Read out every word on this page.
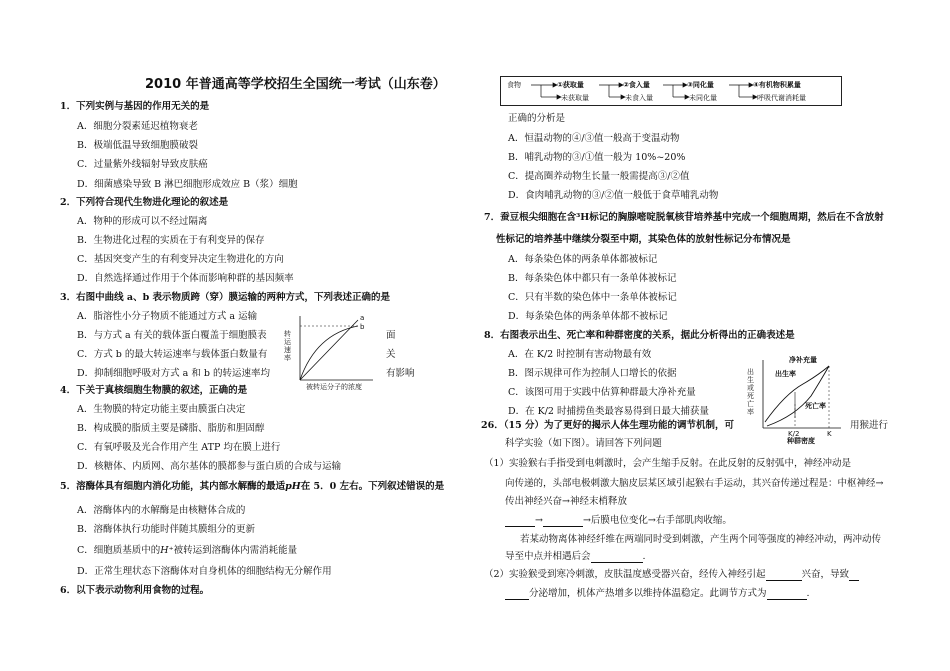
2010 年普通高等学校招生全国统一考试（山东卷）
1．下列实例与基因的作用无关的是
A．细胞分裂素延迟植物衰老
B．极端低温导致细胞膜破裂
C．过量紫外线辐射导致皮肤癌
D．细菌感染导致 B 淋巴细胞形成效应 B（浆）细胞
2．下列符合现代生物进化理论的叙述是
A．物种的形成可以不经过隔离
B．生物进化过程的实质在于有利变异的保存
C．基因突变产生的有利变异决定生物进化的方向
D．自然选择通过作用于个体而影响种群的基因频率
3．右图中曲线 a、b 表示物质跨（穿）膜运输的两种方式，下列表述正确的是
A．脂溶性小分子物质不能通过方式 a 运输
B．与方式 a 有关的载体蛋白覆盖于细胞膜表	面
C．方式 b 的最大转运速率与载体蛋白数量有	关
D．抑制细胞呼吸对方式 a 和 b 的转运速率均	有影响
a
b
转运速率
被转运分子的浓度
4．下关于真核细胞生物膜的叙述，正确的是
A．生物膜的特定功能主要由膜蛋白决定
B．构成膜的脂质主要是磷脂、脂肪和胆固醇
C．有氧呼吸及光合作用产生 ATP 均在膜上进行
D．核糖体、内质网、高尔基体的膜都参与蛋白质的合成与运输
5．溶酶体具有细胞内消化功能，其内部水解酶的最适pH在 5．0 左右。下列叙述错误的是
A．溶酶体内的水解酶是由核糖体合成的
B．溶酶体执行功能时伴随其膜组分的更新
C．细胞质基质中的H⁺被转运到溶酶体内需消耗能量
D．正常生理状态下溶酶体对自身机体的细胞结构无分解作用
6．以下表示动物利用食物的过程。
食物	①获取量	②食入量	③同化量	④有机物积累量
未获取量	未食入量	未同化量	呼吸代谢消耗量
正确的分析是
A．恒温动物的④/③值一般高于变温动物
B．哺乳动物的③/①值一般为 10%~20%
C．提高圈养动物生长量一般需提高③/②值
D．食肉哺乳动物的③/②值一般低于食草哺乳动物
7．蚕豆根尖细胞在含³H标记的胸腺嘧啶脱氧核苷培养基中完成一个细胞周期，然后在不含放射
性标记的培养基中继续分裂至中期，其染色体的放射性标记分布情况是
A．每条染色体的两条单体都被标记
B．每条染色体中都只有一条单体被标记
C．只有半数的染色体中一条单体被标记
D．每条染色体的两条单体都不被标记
8．右图表示出生、死亡率和种群密度的关系，据此分析得出的正确表述是
A．在 K/2 时控制有害动物最有效
B．图示规律可作为控制人口增长的依据
C．该图可用于实践中估算种群最大净补充量
D．在 K/2 时捕捞鱼类最容易得到日最大捕获量
净补充量
出生率
死亡率
出生或死亡率
K/2	K
种群密度
26．（15 分）为了更好的揭示人体生理功能的调节机制，可	用猴进行
科学实验（如下图）。请回答下列问题
（1）实验猴右手指受到电刺激时，会产生缩手反射。在此反射的反射弧中，神经冲动是
向传递的，头部电极刺激大脑皮层某区域引起猴右手运动，其兴奋传递过程是：中枢神经→
传出神经兴奋→神经末梢释放
→	→后膜电位变化→右手部肌肉收缩。
若某动物离体神经纤维在两端同时受到刺激，产生两个同等强度的神经冲动，两冲动传
导至中点并相遇后会	.
（2）实验猴受到寒冷刺激，皮肤温度感受器兴奋，经传入神经引起	兴奋，导致
分泌增加，机体产热增多以维持体温稳定。此调节方式为	.
